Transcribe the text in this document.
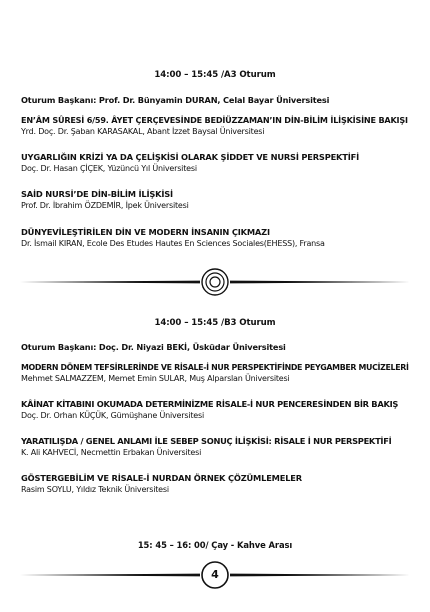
14:00 – 15:45 /A3 Oturum
Oturum Başkanı: Prof. Dr. Bünyamin DURAN, Celal Bayar Üniversitesi
EN’ÂM SÛRESİ 6/59. ÂYET ÇERÇEVESİNDE BEDİÜZZAMAN’IN DİN-BİLİM İLİŞKİSİNE BAKIŞI
Yrd. Doç. Dr. Şaban KARASAKAL, Abant İzzet Baysal Üniversitesi
UYGARLIĞIN KRİZİ YA DA ÇELİŞKİSİ OLARAK ŞİDDET VE NURSİ PERSPEKTİFİ
Doç. Dr. Hasan ÇİÇEK, Yüzüncü Yıl Üniversitesi
SAİD NURSİ’DE DİN-BİLİM İLİŞKİSİ
Prof. Dr. İbrahim ÖZDEMİR, İpek Üniversitesi
DÜNYEVİLEŞTİRİLEN DİN VE MODERN İNSANIN ÇIKMAZI
Dr. İsmail KIRAN, Ecole Des Etudes Hautes En Sciences Sociales(EHESS), Fransa
14:00 – 15:45 /B3 Oturum
Oturum Başkanı: Doç. Dr. Niyazi BEKİ, Üsküdar Üniversitesi
MODERN DÖNEM TEFSİRLERİNDE VE RİSALE-İ NUR PERSPEKTİFİNDE PEYGAMBER MUCİZELERİ
Mehmet SALMAZZEM, Memet Emin SULAR, Muş Alparslan Üniversitesi
KÂİNAT KİTABINI OKUMADA DETERMİNİZME RİSALE-İ NUR PENCERESİNDEN BİR BAKIŞ
Doç. Dr. Orhan KÜÇÜK, Gümüşhane Üniversitesi
YARATILIŞDA / GENEL ANLAMI İLE SEBEP SONUÇ İLİŞKİSİ: RİSALE İ NUR PERSPEKTİFİ
K. Ali KAHVECİ, Necmettin Erbakan Üniversitesi
GÖSTERGEBİLİM VE RİSALE-İ NURDAN ÖRNEK ÇÖZÜMLEMELER
Rasim SOYLU, Yıldız Teknik Üniversitesi
15: 45 – 16: 00/ Çay - Kahve Arası
4
